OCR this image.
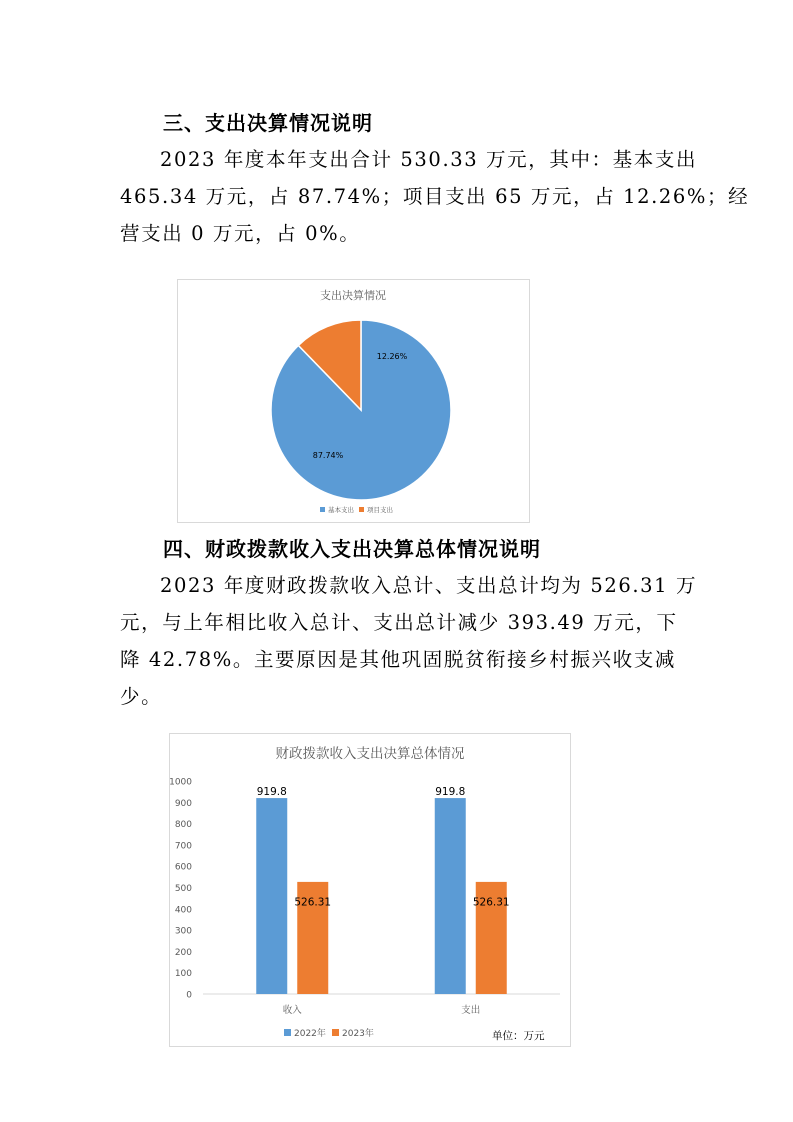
三、支出决算情况说明
2023 年度本年支出合计 530.33 万元，其中：基本支出
465.34 万元，占 87.74%；项目支出 65 万元，占 12.26%；经
营支出 0 万元，占 0%。
支出决算情况
87.74%
12.26%
基本支出 项目支出
四、财政拨款收入支出决算总体情况说明
2023 年度财政拨款收入总计、支出总计均为 526.31 万
元，与上年相比收入总计、支出总计减少 393.49 万元，下
降 42.78%。主要原因是其他巩固脱贫衔接乡村振兴收支减
少。
财政拨款收入支出决算总体情况
0
100
200
300
400
500
600
700
800
900
1000
919.8
526.31
收入
919.8
526.31
支出
2022年 2023年	单位：万元
